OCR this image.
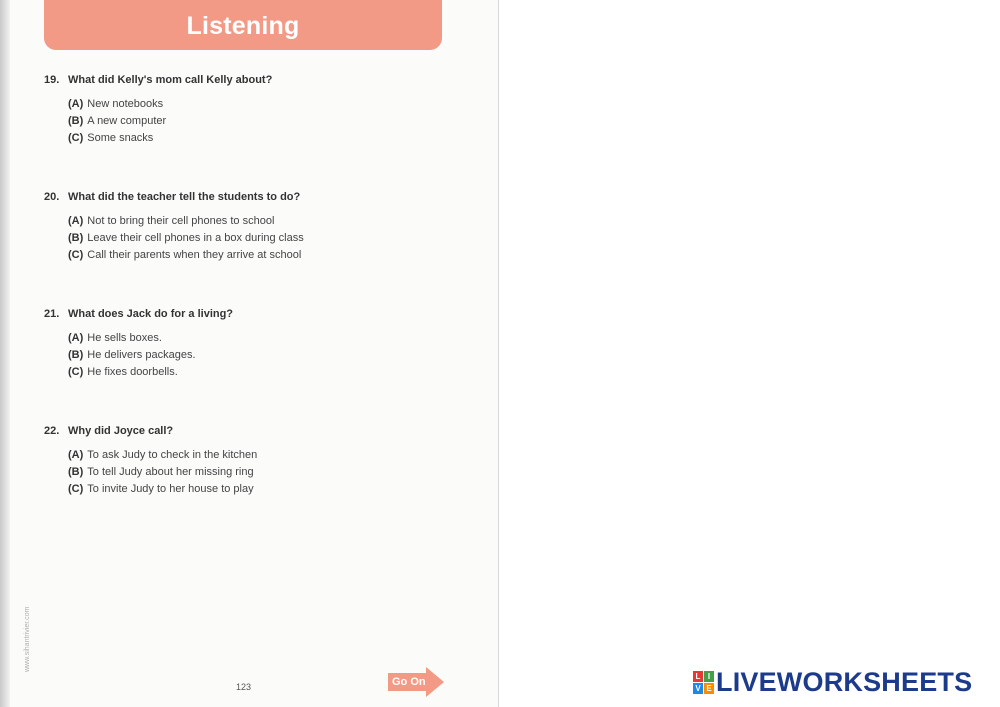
Listening
19. What did Kelly's mom call Kelly about?
(A) New notebooks
(B) A new computer
(C) Some snacks
20. What did the teacher tell the students to do?
(A) Not to bring their cell phones to school
(B) Leave their cell phones in a box during class
(C) Call their parents when they arrive at school
21. What does Jack do for a living?
(A) He sells boxes.
(B) He delivers packages.
(C) He fixes doorbells.
22. Why did Joyce call?
(A) To ask Judy to check in the kitchen
(B) To tell Judy about her missing ring
(C) To invite Judy to her house to play
www.sihantrivier.com
123	Go On	L I
V E LIVEWORKSHEETS
